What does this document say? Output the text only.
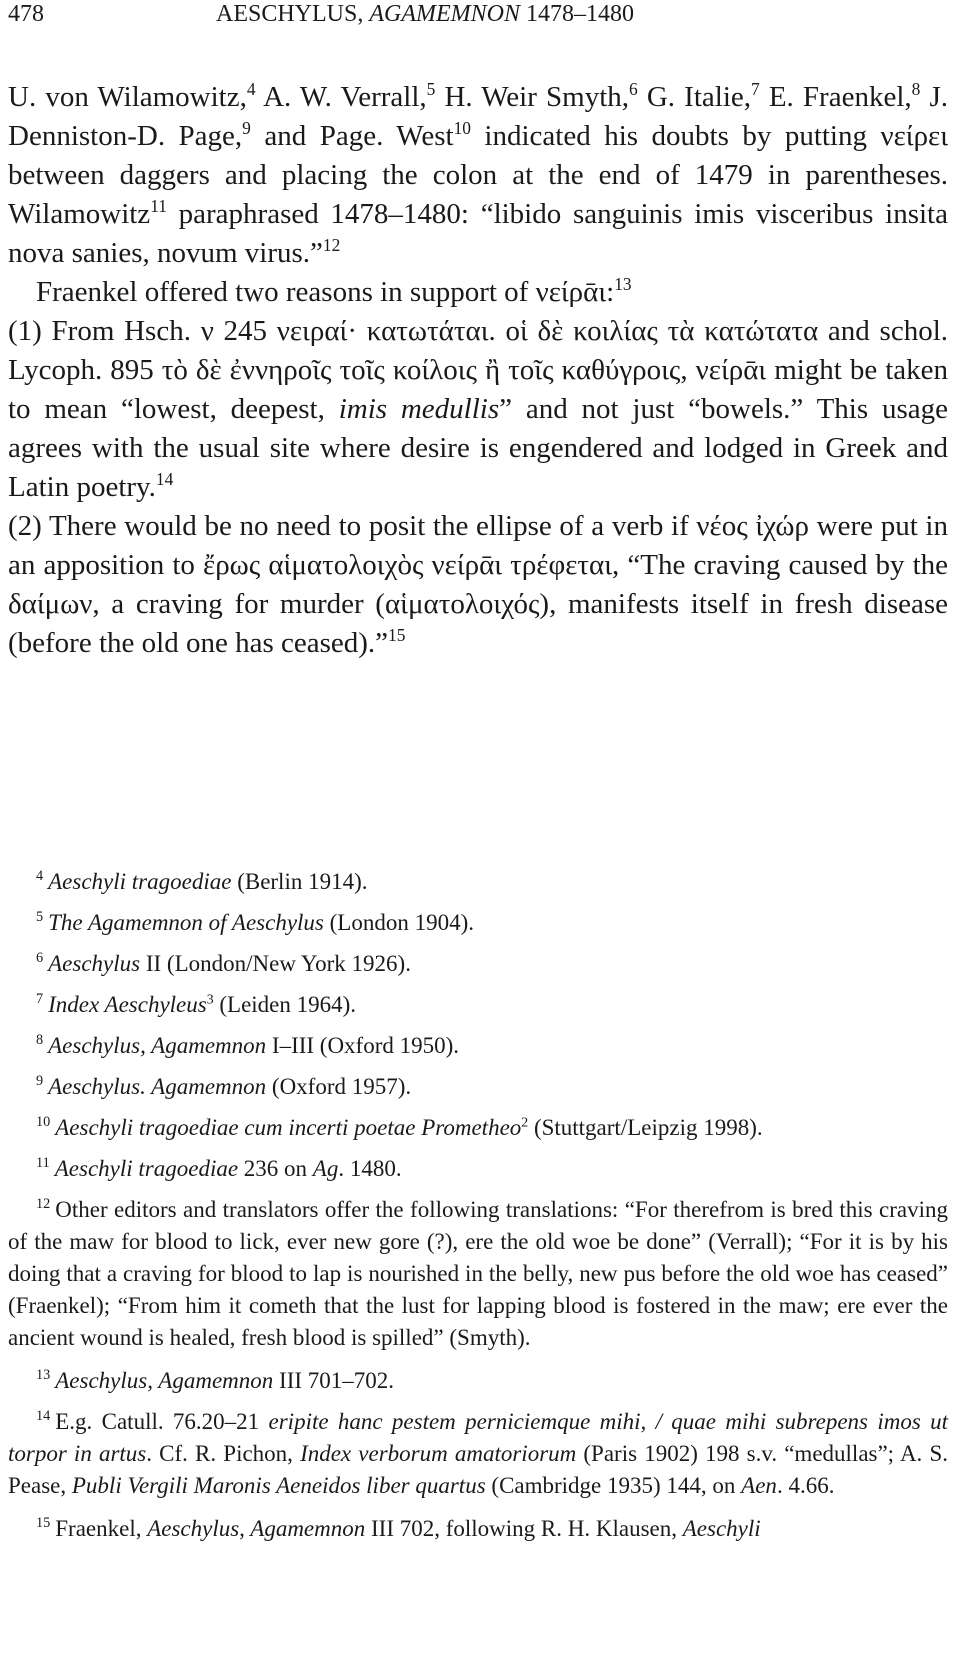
478	AESCHYLUS, AGAMEMNON 1478–1480

U. von Wilamowitz,$^4$ A. W. Verrall,$^5$ H. Weir Smyth,$^6$ G. Italie,$^7$ E. Fraenkel,$^8$ J. Denniston-D. Page,$^9$ and Page. West$^{10}$ indicated his doubts by putting νείρει between daggers and placing the colon at the end of 1479 in parentheses. Wilamowitz$^{11}$ paraphrased 1478–1480: “libido sanguinis imis visceribus insita nova sanies, novum virus.”$^{12}$

Fraenkel offered two reasons in support of νείρᾱι:$^{13}$

(1) From Hsch. ν 245 νειραί· κατωτάται. οἱ δὲ κοιλίας τὰ κατώτατα and schol. Lycoph. 895 τὸ δὲ ἐννηροῖς τοῖς κοίλοις ἢ τοῖς καθύγροις, νείρᾱι might be taken to mean “lowest, deepest, imis medullis” and not just “bowels.” This usage agrees with the usual site where desire is engendered and lodged in Greek and Latin poetry.$^{14}$

(2) There would be no need to posit the ellipse of a verb if νέος ἰχώρ were put in an apposition to ἔρως αἱματολοιχὸς νείρᾱι τρέφεται, “The craving caused by the δαίμων, a craving for murder (αἱματολοιχός), manifests itself in fresh disease (before the old one has ceased).”$^{15}$

$^4$ Aeschyli tragoediae (Berlin 1914).

$^5$ The Agamemnon of Aeschylus (London 1904).

$^6$ Aeschylus II (London/New York 1926).

$^7$ Index Aeschyleus$^3$ (Leiden 1964).

$^8$ Aeschylus, Agamemnon I–III (Oxford 1950).

$^9$ Aeschylus. Agamemnon (Oxford 1957).

$^{10}$ Aeschyli tragoediae cum incerti poetae Prometheo$^2$ (Stuttgart/Leipzig 1998).

$^{11}$ Aeschyli tragoediae 236 on Ag. 1480.

$^{12}$ Other editors and translators offer the following translations: “For therefrom is bred this craving of the maw for blood to lick, ever new gore (?), ere the old woe be done” (Verrall); “For it is by his doing that a craving for blood to lap is nourished in the belly, new pus before the old woe has ceased” (Fraenkel); “From him it cometh that the lust for lapping blood is fostered in the maw; ere ever the ancient wound is healed, fresh blood is spilled” (Smyth).

$^{13}$ Aeschylus, Agamemnon III 701–702.

$^{14}$ E.g. Catull. 76.20–21 eripite hanc pestem perniciemque mihi, / quae mihi subrepens imos ut torpor in artus. Cf. R. Pichon, Index verborum amatoriorum (Paris 1902) 198 s.v. “medullas”; A. S. Pease, Publi Vergili Maronis Aeneidos liber quartus (Cambridge 1935) 144, on Aen. 4.66.

$^{15}$ Fraenkel, Aeschylus, Agamemnon III 702, following R. H. Klausen, Aeschyli
